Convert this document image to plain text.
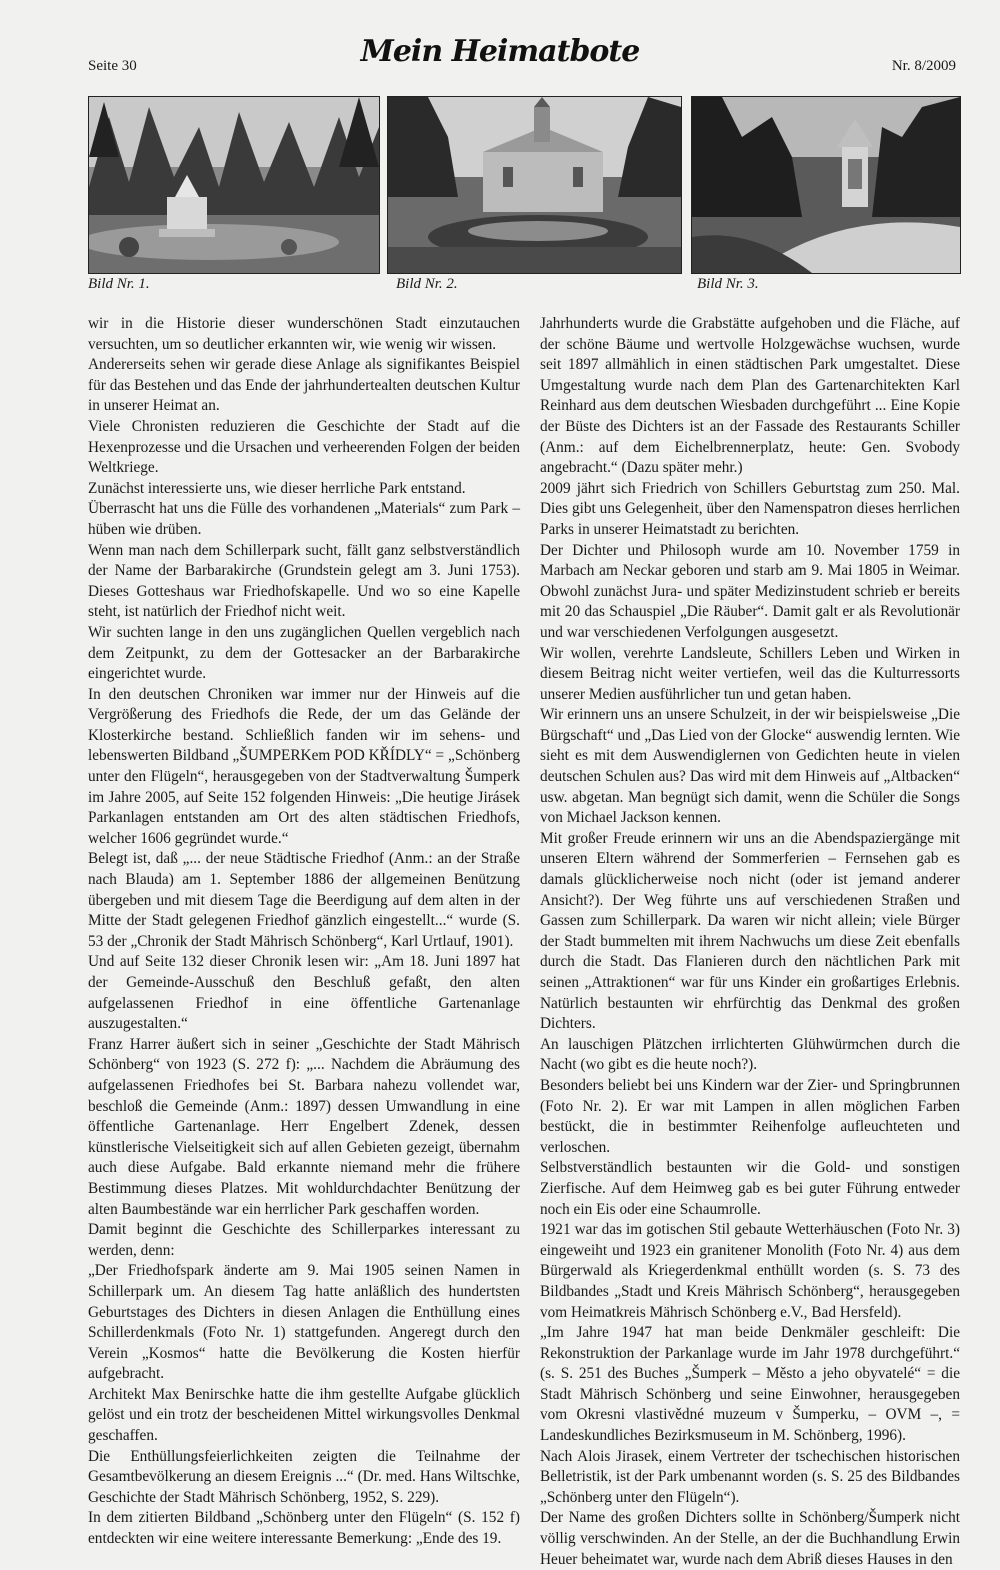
Seite 30	Mein Heimatbote	Nr. 8/2009
Bild Nr. 1.	Bild Nr. 2.	Bild Nr. 3.

wir in die Historie dieser wunderschönen Stadt einzutauchen versuchten, um so deutlicher erkannten wir, wie wenig wir wissen.

Andererseits sehen wir gerade diese Anlage als signifikantes Beispiel für das Bestehen und das Ende der jahrhundertealten deutschen Kultur in unserer Heimat an.

Viele Chronisten reduzieren die Geschichte der Stadt auf die Hexenprozesse und die Ursachen und verheerenden Folgen der beiden Weltkriege.

Zunächst interessierte uns, wie dieser herrliche Park entstand.

Überrascht hat uns die Fülle des vorhandenen „Materials“ zum Park – hüben wie drüben.

Wenn man nach dem Schillerpark sucht, fällt ganz selbstverständlich der Name der Barbarakirche (Grundstein gelegt am 3. Juni 1753). Dieses Gotteshaus war Friedhofskapelle. Und wo so eine Kapelle steht, ist natürlich der Friedhof nicht weit.

Wir suchten lange in den uns zugänglichen Quellen vergeblich nach dem Zeitpunkt, zu dem der Gottesacker an der Barbarakirche eingerichtet wurde.

In den deutschen Chroniken war immer nur der Hinweis auf die Vergrößerung des Friedhofs die Rede, der um das Gelände der Klosterkirche bestand. Schließlich fanden wir im sehens- und lebenswerten Bildband „ŠUMPERKem POD KŘÍDLY“ = „Schönberg unter den Flügeln“, herausgegeben von der Stadtverwaltung Šumperk im Jahre 2005, auf Seite 152 folgenden Hinweis: „Die heutige Jirásek Parkanlagen entstanden am Ort des alten städtischen Friedhofs, welcher 1606 gegründet wurde.“

Belegt ist, daß „... der neue Städtische Friedhof (Anm.: an der Straße nach Blauda) am 1. September 1886 der allgemeinen Benützung übergeben und mit diesem Tage die Beerdigung auf dem alten in der Mitte der Stadt gelegenen Friedhof gänzlich eingestellt...“ wurde (S. 53 der „Chronik der Stadt Mährisch Schönberg“, Karl Urtlauf, 1901).

Und auf Seite 132 dieser Chronik lesen wir: „Am 18. Juni 1897 hat der Gemeinde-Ausschuß den Beschluß gefaßt, den alten aufgelassenen Friedhof in eine öffentliche Gartenanlage auszugestalten.“

Franz Harrer äußert sich in seiner „Geschichte der Stadt Mährisch Schönberg“ von 1923 (S. 272 f): „... Nachdem die Abräumung des aufgelassenen Friedhofes bei St. Barbara nahezu vollendet war, beschloß die Gemeinde (Anm.: 1897) dessen Umwandlung in eine öffentliche Gartenanlage. Herr Engelbert Zdenek, dessen künstlerische Vielseitigkeit sich auf allen Gebieten gezeigt, übernahm auch diese Aufgabe. Bald erkannte niemand mehr die frühere Bestimmung dieses Platzes. Mit wohldurchdachter Benützung der alten Baumbestände war ein herrlicher Park geschaffen worden.

Damit beginnt die Geschichte des Schillerparkes interessant zu werden, denn:

„Der Friedhofspark änderte am 9. Mai 1905 seinen Namen in Schillerpark um. An diesem Tag hatte anläßlich des hundertsten Geburtstages des Dichters in diesen Anlagen die Enthüllung eines Schillerdenkmals (Foto Nr. 1) stattgefunden. Angeregt durch den Verein „Kosmos“ hatte die Bevölkerung die Kosten hierfür aufgebracht.

Architekt Max Benirschke hatte die ihm gestellte Aufgabe glücklich gelöst und ein trotz der bescheidenen Mittel wirkungsvolles Denkmal geschaffen.

Die Enthüllungsfeierlichkeiten zeigten die Teilnahme der Gesamtbevölkerung an diesem Ereignis ...“ (Dr. med. Hans Wiltschke, Geschichte der Stadt Mährisch Schönberg, 1952, S. 229).

In dem zitierten Bildband „Schönberg unter den Flügeln“ (S. 152 f) entdeckten wir eine weitere interessante Bemerkung: „Ende des 19.

Jahrhunderts wurde die Grabstätte aufgehoben und die Fläche, auf der schöne Bäume und wertvolle Holzgewächse wuchsen, wurde seit 1897 allmählich in einen städtischen Park umgestaltet. Diese Umgestaltung wurde nach dem Plan des Gartenarchitekten Karl Reinhard aus dem deutschen Wiesbaden durchgeführt ... Eine Kopie der Büste des Dichters ist an der Fassade des Restaurants Schiller (Anm.: auf dem Eichelbrennerplatz, heute: Gen. Svobody angebracht.“ (Dazu später mehr.)

2009 jährt sich Friedrich von Schillers Geburtstag zum 250. Mal. Dies gibt uns Gelegenheit, über den Namenspatron dieses herrlichen Parks in unserer Heimatstadt zu berichten.

Der Dichter und Philosoph wurde am 10. November 1759 in Marbach am Neckar geboren und starb am 9. Mai 1805 in Weimar. Obwohl zunächst Jura- und später Medizinstudent schrieb er bereits mit 20 das Schauspiel „Die Räuber“. Damit galt er als Revolutionär und war verschiedenen Verfolgungen ausgesetzt.

Wir wollen, verehrte Landsleute, Schillers Leben und Wirken in diesem Beitrag nicht weiter vertiefen, weil das die Kulturressorts unserer Medien ausführlicher tun und getan haben.

Wir erinnern uns an unsere Schulzeit, in der wir beispielsweise „Die Bürgschaft“ und „Das Lied von der Glocke“ auswendig lernten. Wie sieht es mit dem Auswendiglernen von Gedichten heute in vielen deutschen Schulen aus? Das wird mit dem Hinweis auf „Altbacken“ usw. abgetan. Man begnügt sich damit, wenn die Schüler die Songs von Michael Jackson kennen.

Mit großer Freude erinnern wir uns an die Abendspaziergänge mit unseren Eltern während der Sommerferien – Fernsehen gab es damals glücklicherweise noch nicht (oder ist jemand anderer Ansicht?). Der Weg führte uns auf verschiedenen Straßen und Gassen zum Schillerpark. Da waren wir nicht allein; viele Bürger der Stadt bummelten mit ihrem Nachwuchs um diese Zeit ebenfalls durch die Stadt. Das Flanieren durch den nächtlichen Park mit seinen „Attraktionen“ war für uns Kinder ein großartiges Erlebnis. Natürlich bestaunten wir ehrfürchtig das Denkmal des großen Dichters.

An lauschigen Plätzchen irrlichterten Glühwürmchen durch die Nacht (wo gibt es die heute noch?).

Besonders beliebt bei uns Kindern war der Zier- und Springbrunnen (Foto Nr. 2). Er war mit Lampen in allen möglichen Farben bestückt, die in bestimmter Reihenfolge aufleuchteten und verloschen.

Selbstverständlich bestaunten wir die Gold- und sonstigen Zierfische. Auf dem Heimweg gab es bei guter Führung entweder noch ein Eis oder eine Schaumrolle.

1921 war das im gotischen Stil gebaute Wetterhäuschen (Foto Nr. 3) eingeweiht und 1923 ein granitener Monolith (Foto Nr. 4) aus dem Bürgerwald als Kriegerdenkmal enthüllt worden (s. S. 73 des Bildbandes „Stadt und Kreis Mährisch Schönberg“, herausgegeben vom Heimatkreis Mährisch Schönberg e.V., Bad Hersfeld).

„Im Jahre 1947 hat man beide Denkmäler geschleift: Die Rekonstruktion der Parkanlage wurde im Jahr 1978 durchgeführt.“ (s. S. 251 des Buches „Šumperk – Město a jeho obyvatelé“ = die Stadt Mährisch Schönberg und seine Einwohner, herausgegeben vom Okresni vlastivědné muzeum v Šumperku, – OVM –, = Landeskundliches Bezirksmuseum in M. Schönberg, 1996).

Nach Alois Jirasek, einem Vertreter der tschechischen historischen Belletristik, ist der Park umbenannt worden (s. S. 25 des Bildbandes „Schönberg unter den Flügeln“).

Der Name des großen Dichters sollte in Schönberg/Šumperk nicht völlig verschwinden. An der Stelle, an der die Buchhandlung Erwin Heuer beheimatet war, wurde nach dem Abriß dieses Hauses in den
